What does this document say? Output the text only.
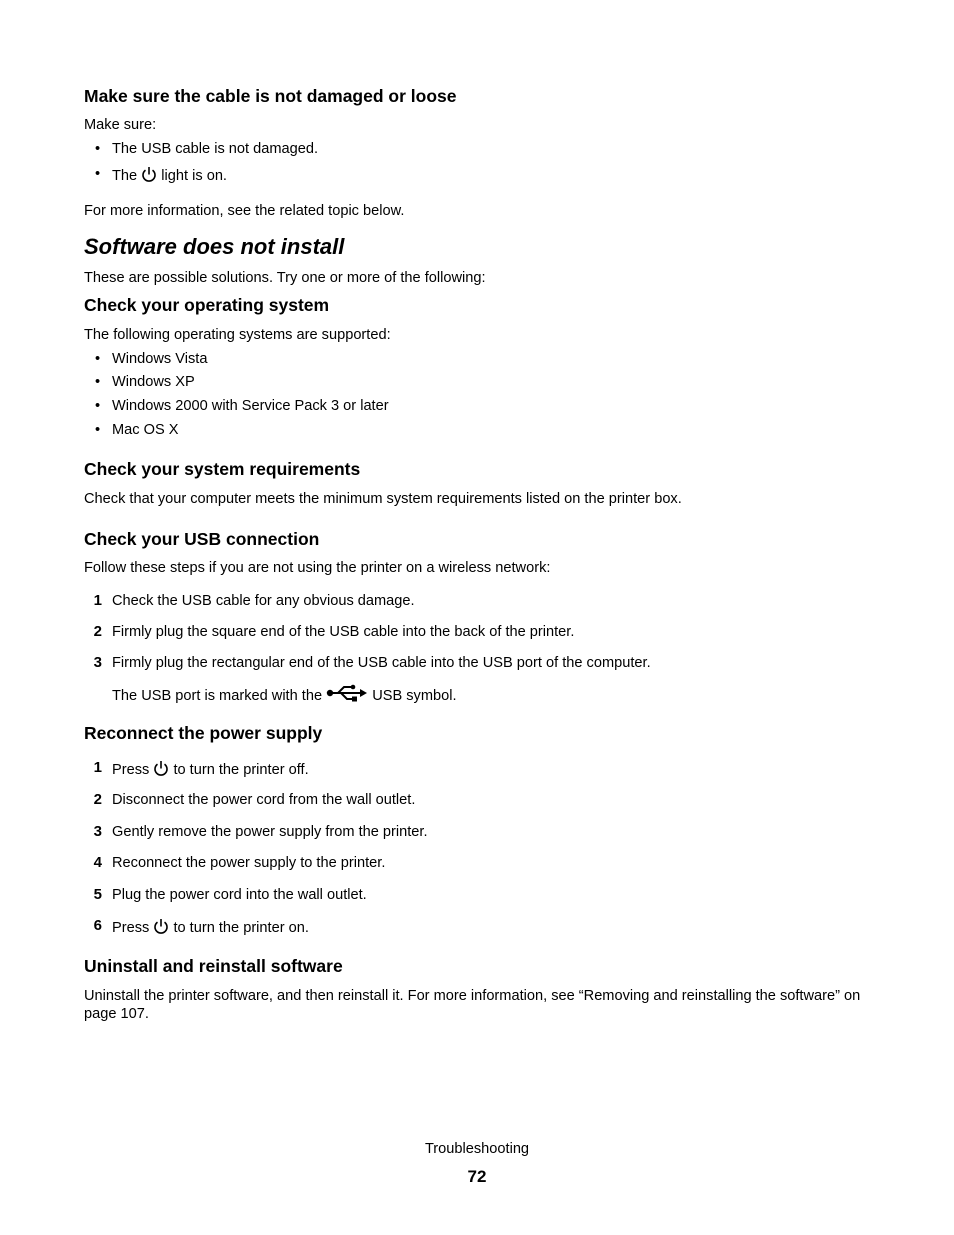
Make sure the cable is not damaged or loose
Make sure:
• The USB cable is not damaged.
• The light is on.
For more information, see the related topic below.
Software does not install
These are possible solutions. Try one or more of the following:
Check your operating system
The following operating systems are supported:
• Windows Vista
• Windows XP
• Windows 2000 with Service Pack 3 or later
• Mac OS X
Check your system requirements
Check that your computer meets the minimum system requirements listed on the printer box.
Check your USB connection
Follow these steps if you are not using the printer on a wireless network:
1 Check the USB cable for any obvious damage.
2 Firmly plug the square end of the USB cable into the back of the printer.
3 Firmly plug the rectangular end of the USB cable into the USB port of the computer.
The USB port is marked with the	USB symbol.
Reconnect the power supply
1 Press to turn the printer off.
2 Disconnect the power cord from the wall outlet.
3 Gently remove the power supply from the printer.
4 Reconnect the power supply to the printer.
5 Plug the power cord into the wall outlet.
6 Press to turn the printer on.
Uninstall and reinstall software
Uninstall the printer software, and then reinstall it. For more information, see “Removing and reinstalling the software” on page 107.
Troubleshooting
72
